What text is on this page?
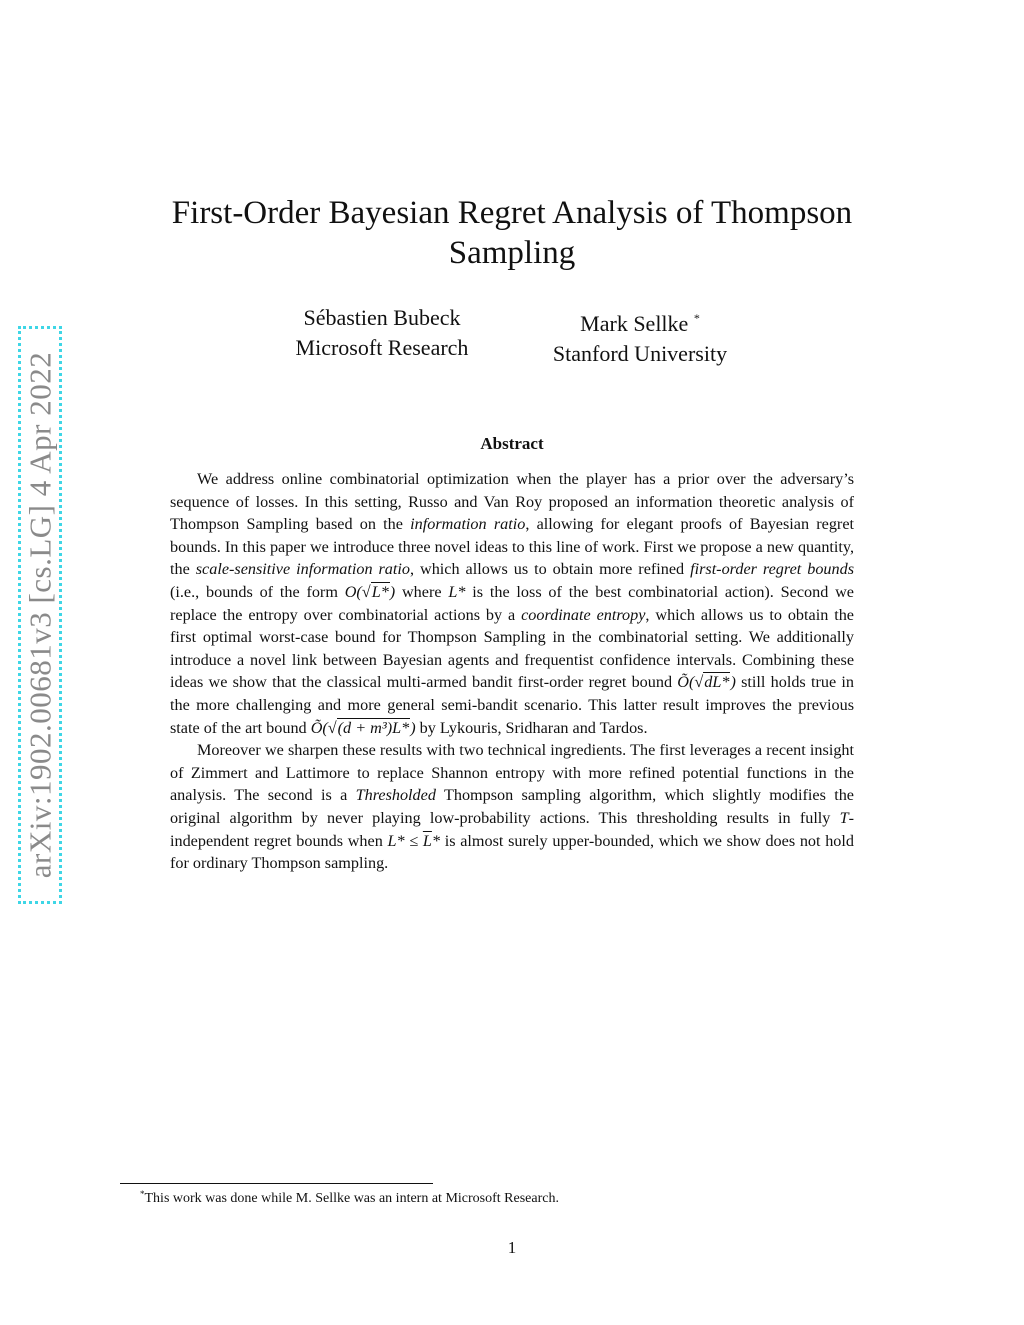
arXiv:1902.00681v3 [cs.LG] 4 Apr 2022
First-Order Bayesian Regret Analysis of Thompson Sampling
Sébastien Bubeck
Microsoft Research
Mark Sellke *
Stanford University
Abstract

We address online combinatorial optimization when the player has a prior over the adversary’s sequence of losses. In this setting, Russo and Van Roy proposed an information theoretic analysis of Thompson Sampling based on the information ratio, allowing for elegant proofs of Bayesian regret bounds. In this paper we introduce three novel ideas to this line of work. First we propose a new quantity, the scale-sensitive information ratio, which allows us to obtain more refined first-order regret bounds (i.e., bounds of the form O(√L*) where L* is the loss of the best combinatorial action). Second we replace the entropy over combinatorial actions by a coordinate entropy, which allows us to obtain the first optimal worst-case bound for Thompson Sampling in the combinatorial setting. We additionally introduce a novel link between Bayesian agents and frequentist confidence intervals. Combining these ideas we show that the classical multi-armed bandit first-order regret bound Õ(√dL*) still holds true in the more challenging and more general semi-bandit scenario. This latter result improves the previous state of the art bound Õ(√(d + m³)L*) by Lykouris, Sridharan and Tardos.

Moreover we sharpen these results with two technical ingredients. The first leverages a recent insight of Zimmert and Lattimore to replace Shannon entropy with more refined potential functions in the analysis. The second is a Thresholded Thompson sampling algorithm, which slightly modifies the original algorithm by never playing low-probability actions. This thresholding results in fully T-independent regret bounds when $L* \le \overline{L}*$ is almost surely upper-bounded, which we show does not hold for ordinary Thompson sampling.

*This work was done while M. Sellke was an intern at Microsoft Research.
1
